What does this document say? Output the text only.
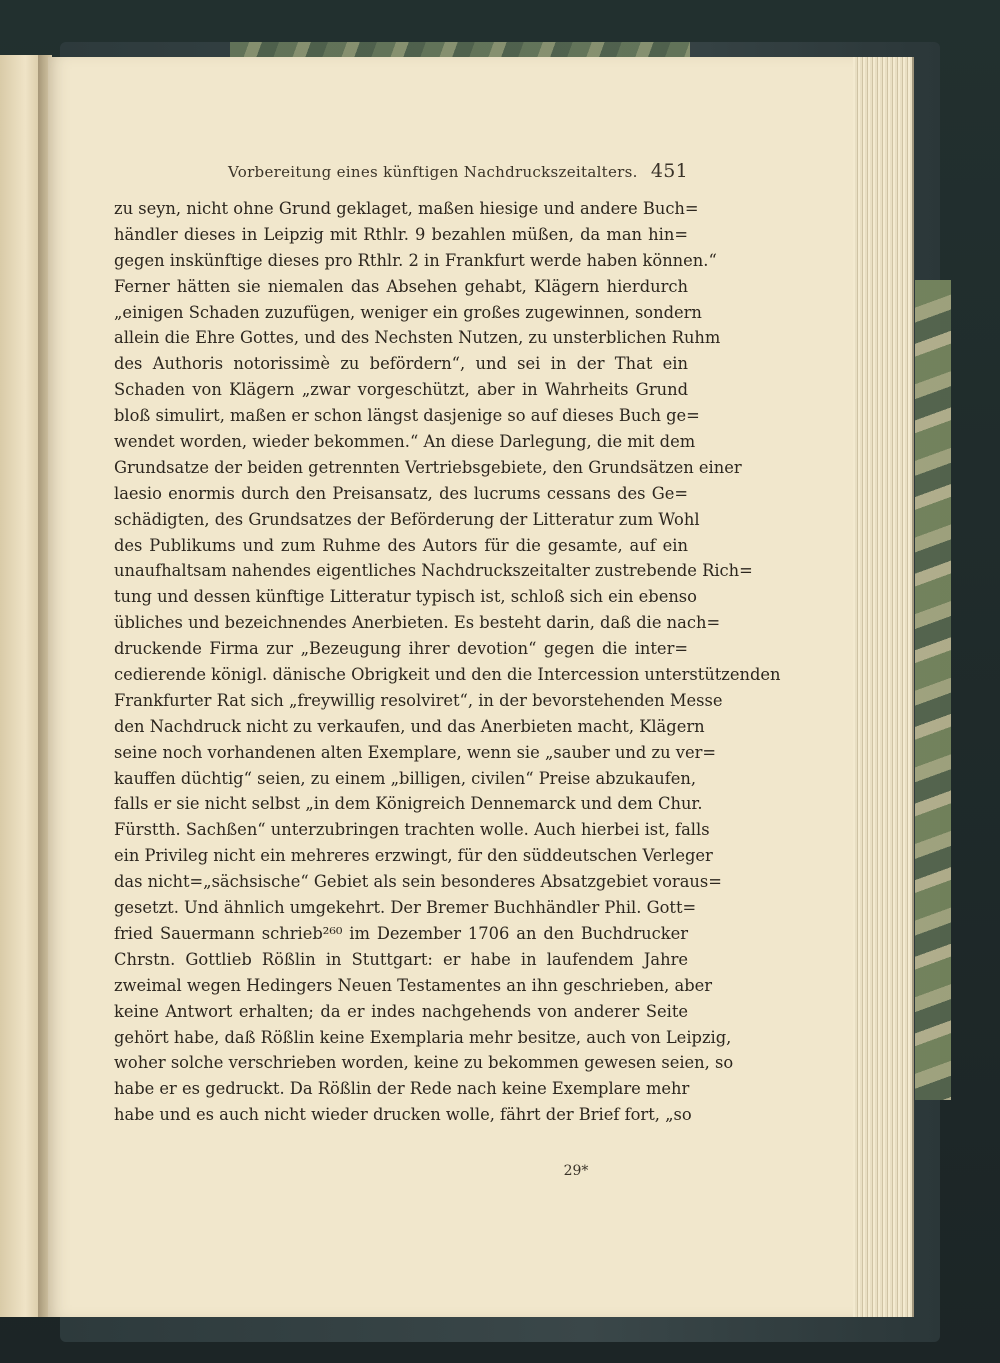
Vorbereitung eines künftigen Nachdruckszeitalters. 451
zu seyn, nicht ohne Grund geklaget, maßen hiesige und andere Buch=
händler dieses in Leipzig mit Rthlr. 9 bezahlen müßen, da man hin=
gegen inskünftige dieses pro Rthlr. 2 in Frankfurt werde haben können.“
Ferner hätten sie niemalen das Absehen gehabt, Klägern hierdurch
„einigen Schaden zuzufügen, weniger ein großes zugewinnen, sondern
allein die Ehre Gottes, und des Nechsten Nutzen, zu unsterblichen Ruhm
des Authoris notorissimè zu befördern“, und sei in der That ein
Schaden von Klägern „zwar vorgeschützt, aber in Wahrheits Grund
bloß simulirt, maßen er schon längst dasjenige so auf dieses Buch ge=
wendet worden, wieder bekommen.“ An diese Darlegung, die mit dem
Grundsatze der beiden getrennten Vertriebsgebiete, den Grundsätzen einer
laesio enormis durch den Preisansatz, des lucrums cessans des Ge=
schädigten, des Grundsatzes der Beförderung der Litteratur zum Wohl
des Publikums und zum Ruhme des Autors für die gesamte, auf ein
unaufhaltsam nahendes eigentliches Nachdruckszeitalter zustrebende Rich=
tung und dessen künftige Litteratur typisch ist, schloß sich ein ebenso
übliches und bezeichnendes Anerbieten. Es besteht darin, daß die nach=
druckende Firma zur „Bezeugung ihrer devotion“ gegen die inter=
cedierende königl. dänische Obrigkeit und den die Intercession unterstützenden
Frankfurter Rat sich „freywillig resolviret“, in der bevorstehenden Messe
den Nachdruck nicht zu verkaufen, und das Anerbieten macht, Klägern
seine noch vorhandenen alten Exemplare, wenn sie „sauber und zu ver=
kauffen düchtig“ seien, zu einem „billigen, civilen“ Preise abzukaufen,
falls er sie nicht selbst „in dem Königreich Dennemarck und dem Chur.
Fürstth. Sachßen“ unterzubringen trachten wolle. Auch hierbei ist, falls
ein Privileg nicht ein mehreres erzwingt, für den süddeutschen Verleger
das nicht=„sächsische“ Gebiet als sein besonderes Absatzgebiet voraus=
gesetzt. Und ähnlich umgekehrt. Der Bremer Buchhändler Phil. Gott=
fried Sauermann schrieb²⁶⁰ im Dezember 1706 an den Buchdrucker
Chrstn. Gottlieb Rößlin in Stuttgart: er habe in laufendem Jahre
zweimal wegen Hedingers Neuen Testamentes an ihn geschrieben, aber
keine Antwort erhalten; da er indes nachgehends von anderer Seite
gehört habe, daß Rößlin keine Exemplaria mehr besitze, auch von Leipzig,
woher solche verschrieben worden, keine zu bekommen gewesen seien, so
habe er es gedruckt. Da Rößlin der Rede nach keine Exemplare mehr
habe und es auch nicht wieder drucken wolle, fährt der Brief fort, „so
29*
